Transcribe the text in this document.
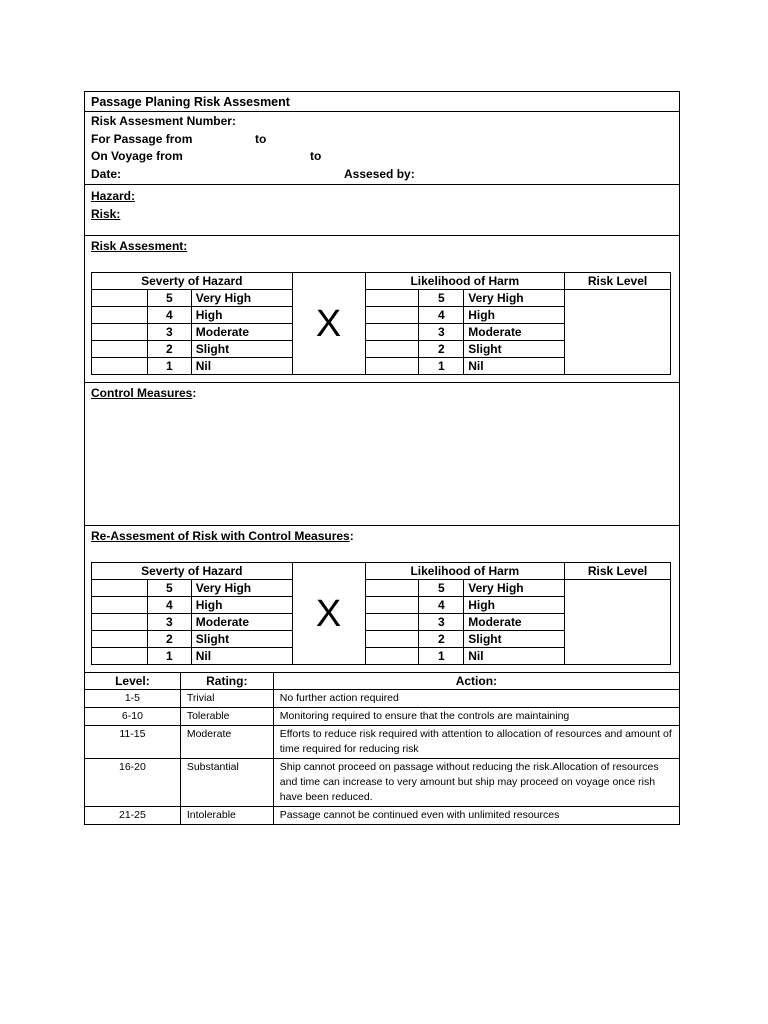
Passage Planing Risk Assesment
Risk Assesment Number:
For Passage from	to
On Voyage from	to
Date:	Assesed by:
Hazard:
Risk:
Risk Assesment:
Severty of Hazard			X	Likelihood of Harm			Risk Level
	5	Very High			5	Very High	
	4	High			4	High	
	3	Moderate			3	Moderate	
	2	Slight			2	Slight	
	1	Nil			1	Nil	
Control Measures:
Re-Assesment of Risk with Control Measures:
Severty of Hazard			X	Likelihood of Harm			Risk Level
	5	Very High			5	Very High	
	4	High			4	High	
	3	Moderate			3	Moderate	
	2	Slight			2	Slight	
	1	Nil			1	Nil	
Level:	Rating:	Action:
1-5	Trivial	No further action required
6-10	Tolerable	Monitoring required to ensure that the controls are maintaining
11-15	Moderate	Efforts to reduce risk required with attention to allocation of resources and amount of time required for reducing risk
16-20	Substantial	Ship cannot proceed on passage without reducing the risk.Allocation of resources and time can increase to very amount but ship may proceed on voyage once rish have been reduced.
21-25	Intolerable	Passage cannot be continued even with unlimited resources
